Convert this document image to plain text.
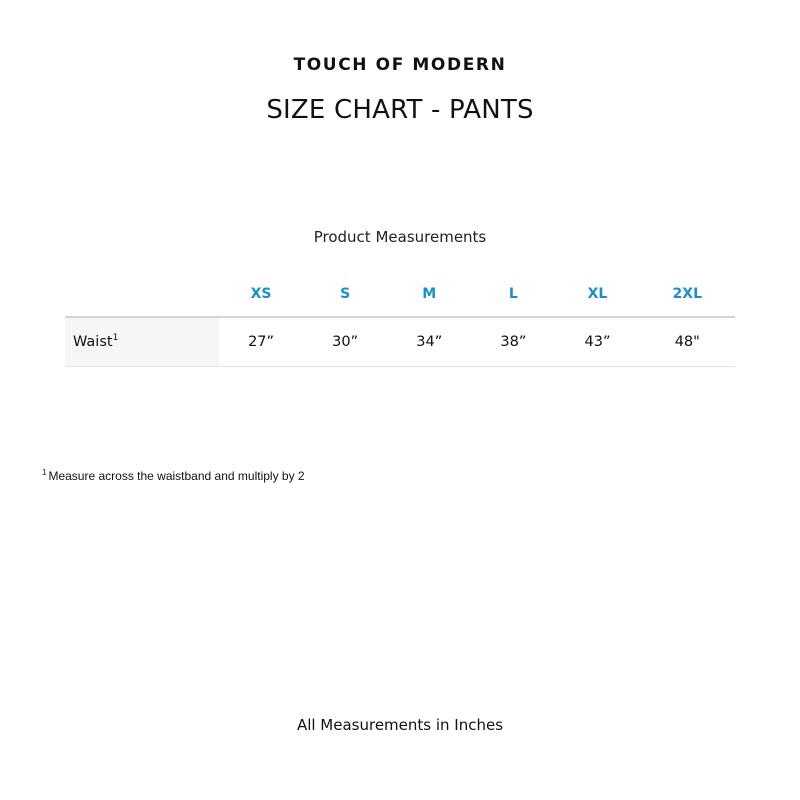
TOUCH OF MODERN
SIZE CHART - PANTS
Product Measurements
	XS	S	M	L	XL	2XL
Waist$^1$	27”	30”	34”	38”	43”	48"
$^1$ Measure across the waistband and multiply by 2
All Measurements in Inches
